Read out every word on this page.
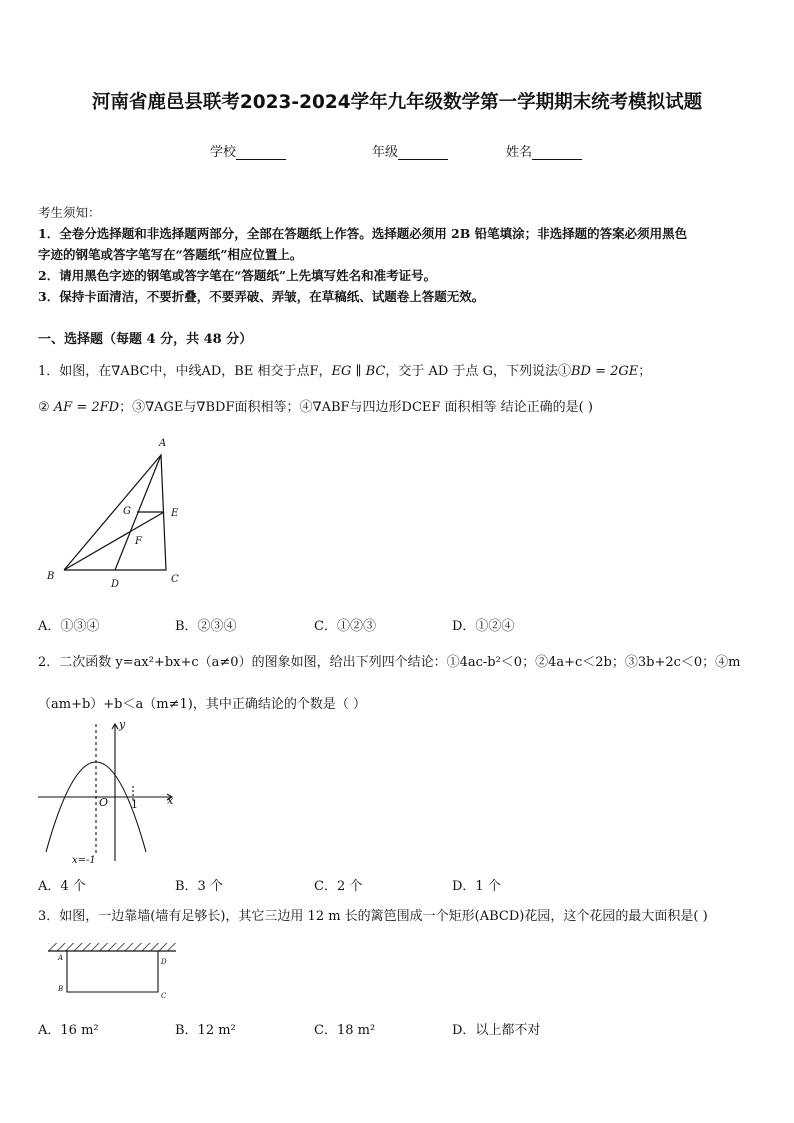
河南省鹿邑县联考2023-2024学年九年级数学第一学期期末统考模拟试题
学校	年级	姓名
考生须知：
1．全卷分选择题和非选择题两部分，全部在答题纸上作答。选择题必须用 2B 铅笔填涂；非选择题的答案必须用黑色
字迹的钢笔或答字笔写在“答题纸”相应位置上。
2．请用黑色字迹的钢笔或答字笔在“答题纸”上先填写姓名和准考证号。
3．保持卡面清洁，不要折叠，不要弄破、弄皱，在草稿纸、试题卷上答题无效。
一、选择题（每题 4 分，共 48 分）
1．如图，在∇ABC中，中线AD，BE 相交于点F，EG ∥ BC，交于 AD 于点 G，下列说法①BD = 2GE；
② AF = 2FD；③∇AGE与∇BDF面积相等；④∇ABF与四边形DCEF 面积相等 结论正确的是( )
A
G	E
F
B
D	C
A．①③④	B．②③④	C．①②③	D．①②④
2．二次函数 y=ax²+bx+c（a≠0）的图象如图，给出下列四个结论：①4ac-b²＜0；②4a+c＜2b；③3b+2c＜0；④m
（am+b）+b＜a（m≠1)，其中正确结论的个数是（ ）
y
O 1	x
x=-1
A．4 个	B．3 个	C．2 个	D．1 个
3．如图，一边靠墙(墙有足够长)，其它三边用 12 m 长的篱笆围成一个矩形(ABCD)花园，这个花园的最大面积是( )
A	D
B
C
A．16 m²	B．12 m²	C．18 m²	D．以上都不对
